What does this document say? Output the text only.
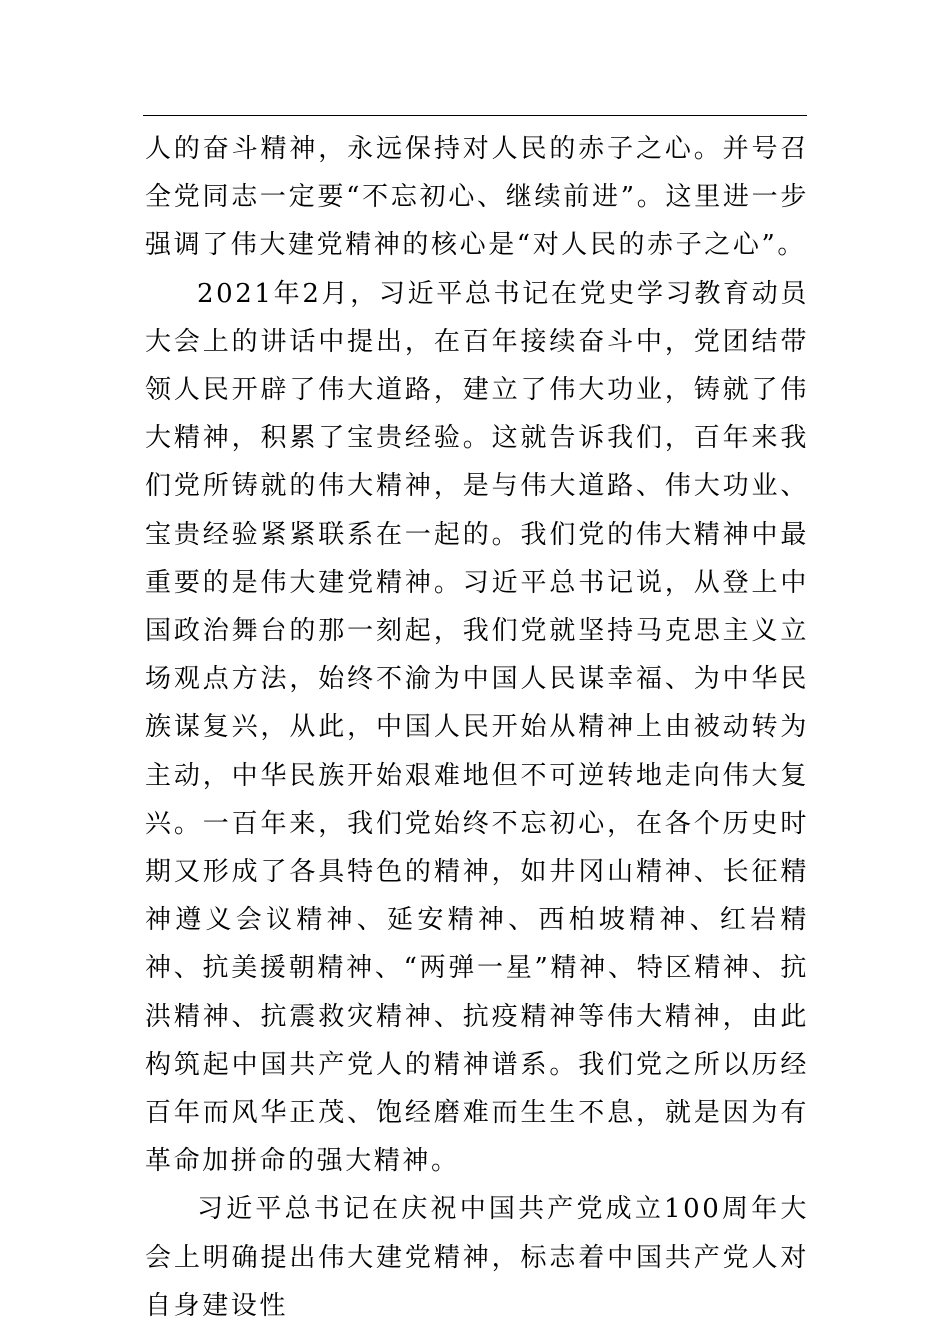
人的奋斗精神，永远保持对人民的赤子之心。并号召全党同志一定要“不忘初心、继续前进”。这里进一步强调了伟大建党精神的核心是“对人民的赤子之心”。

2021年2月，习近平总书记在党史学习教育动员大会上的讲话中提出，在百年接续奋斗中，党团结带领人民开辟了伟大道路，建立了伟大功业，铸就了伟大精神，积累了宝贵经验。这就告诉我们，百年来我们党所铸就的伟大精神，是与伟大道路、伟大功业、宝贵经验紧紧联系在一起的。我们党的伟大精神中最重要的是伟大建党精神。习近平总书记说，从登上中国政治舞台的那一刻起，我们党就坚持马克思主义立场观点方法，始终不渝为中国人民谋幸福、为中华民族谋复兴，从此，中国人民开始从精神上由被动转为主动，中华民族开始艰难地但不可逆转地走向伟大复兴。一百年来，我们党始终不忘初心，在各个历史时期又形成了各具特色的精神，如井冈山精神、长征精神遵义会议精神、延安精神、西柏坡精神、红岩精神、抗美援朝精神、“两弹一星”精神、特区精神、抗洪精神、抗震救灾精神、抗疫精神等伟大精神，由此构筑起中国共产党人的精神谱系。我们党之所以历经百年而风华正茂、饱经磨难而生生不息，就是因为有革命加拼命的强大精神。

习近平总书记在庆祝中国共产党成立100周年大会上明确提出伟大建党精神，标志着中国共产党人对自身建设性
